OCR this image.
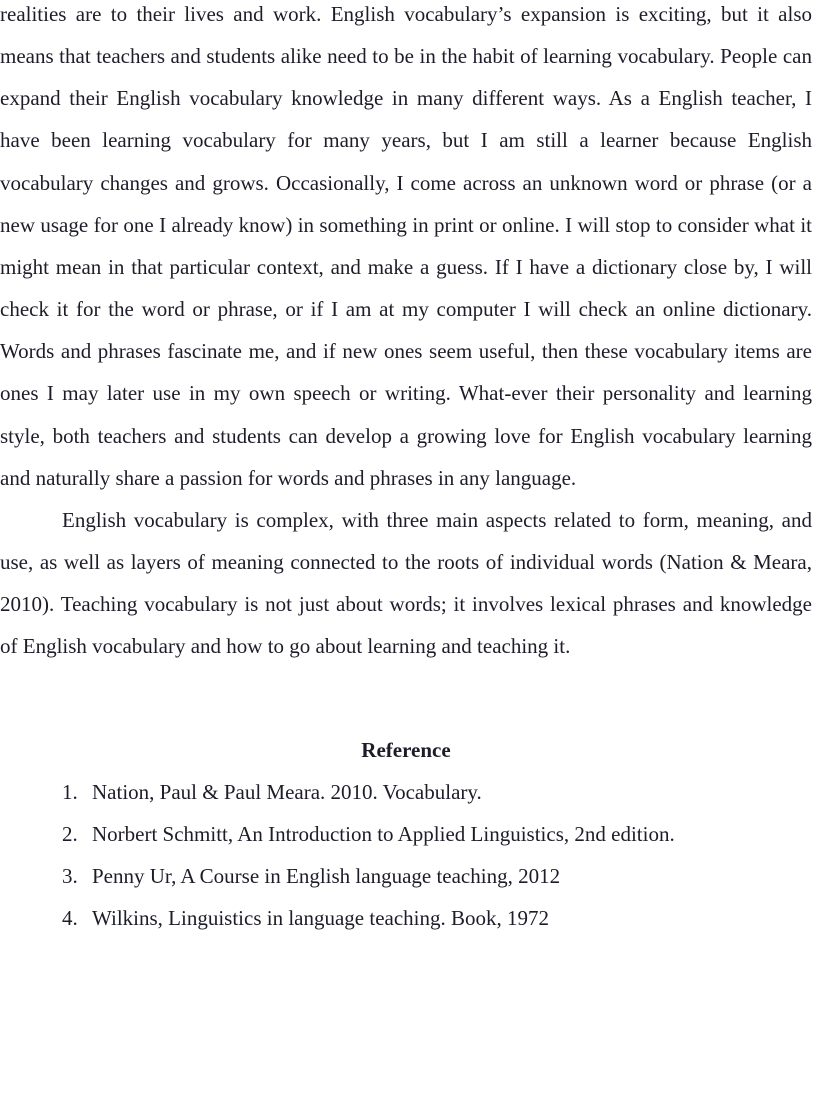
realities are to their lives and work. English vocabulary’s expansion is exciting, but it also means that teachers and students alike need to be in the habit of learning vocabulary. People can expand their English vocabulary knowledge in many different ways. As a English teacher, I have been learning vocabulary for many years, but I am still a learner because English vocabulary changes and grows. Occasionally, I come across an unknown word or phrase (or a new usage for one I already know) in something in print or online. I will stop to consider what it might mean in that particular context, and make a guess. If I have a dictionary close by, I will check it for the word or phrase, or if I am at my computer I will check an online dictionary. Words and phrases fascinate me, and if new ones seem useful, then these vocabulary items are ones I may later use in my own speech or writing. What-ever their personality and learning style, both teachers and students can develop a growing love for English vocabulary learning and naturally share a passion for words and phrases in any language.

English vocabulary is complex, with three main aspects related to form, meaning, and use, as well as layers of meaning connected to the roots of individual words (Nation & Meara, 2010). Teaching vocabulary is not just about words; it involves lexical phrases and knowledge of English vocabulary and how to go about learning and teaching it.

Reference
1. Nation, Paul & Paul Meara. 2010. Vocabulary.
2. Norbert Schmitt, An Introduction to Applied Linguistics, 2nd edition.
3. Penny Ur, A Course in English language teaching, 2012
4. Wilkins, Linguistics in language teaching. Book, 1972
